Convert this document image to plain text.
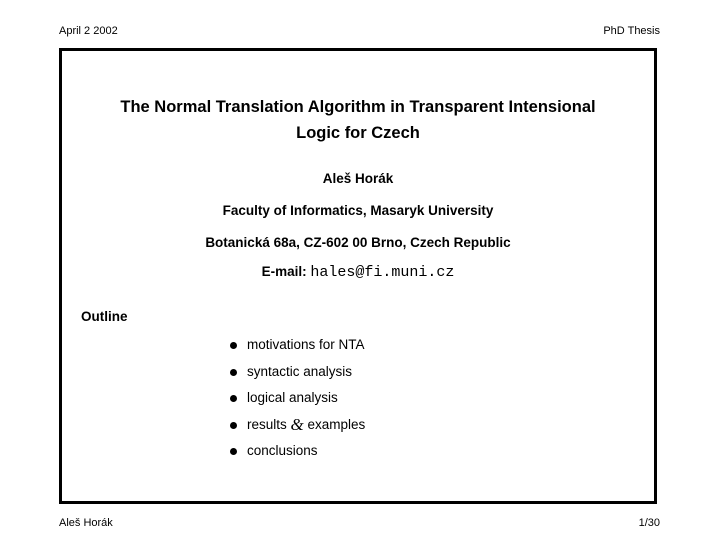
April 2 2002	PhD Thesis
The Normal Translation Algorithm in Transparent Intensional
Logic for Czech
Aleš Horák
Faculty of Informatics, Masaryk University
Botanická 68a, CZ-602 00 Brno, Czech Republic
E-mail: hales@fi.muni.cz
Outline
motivations for NTA
syntactic analysis
logical analysis
results
&
examples
conclusions
Aleš Horák	1/30
